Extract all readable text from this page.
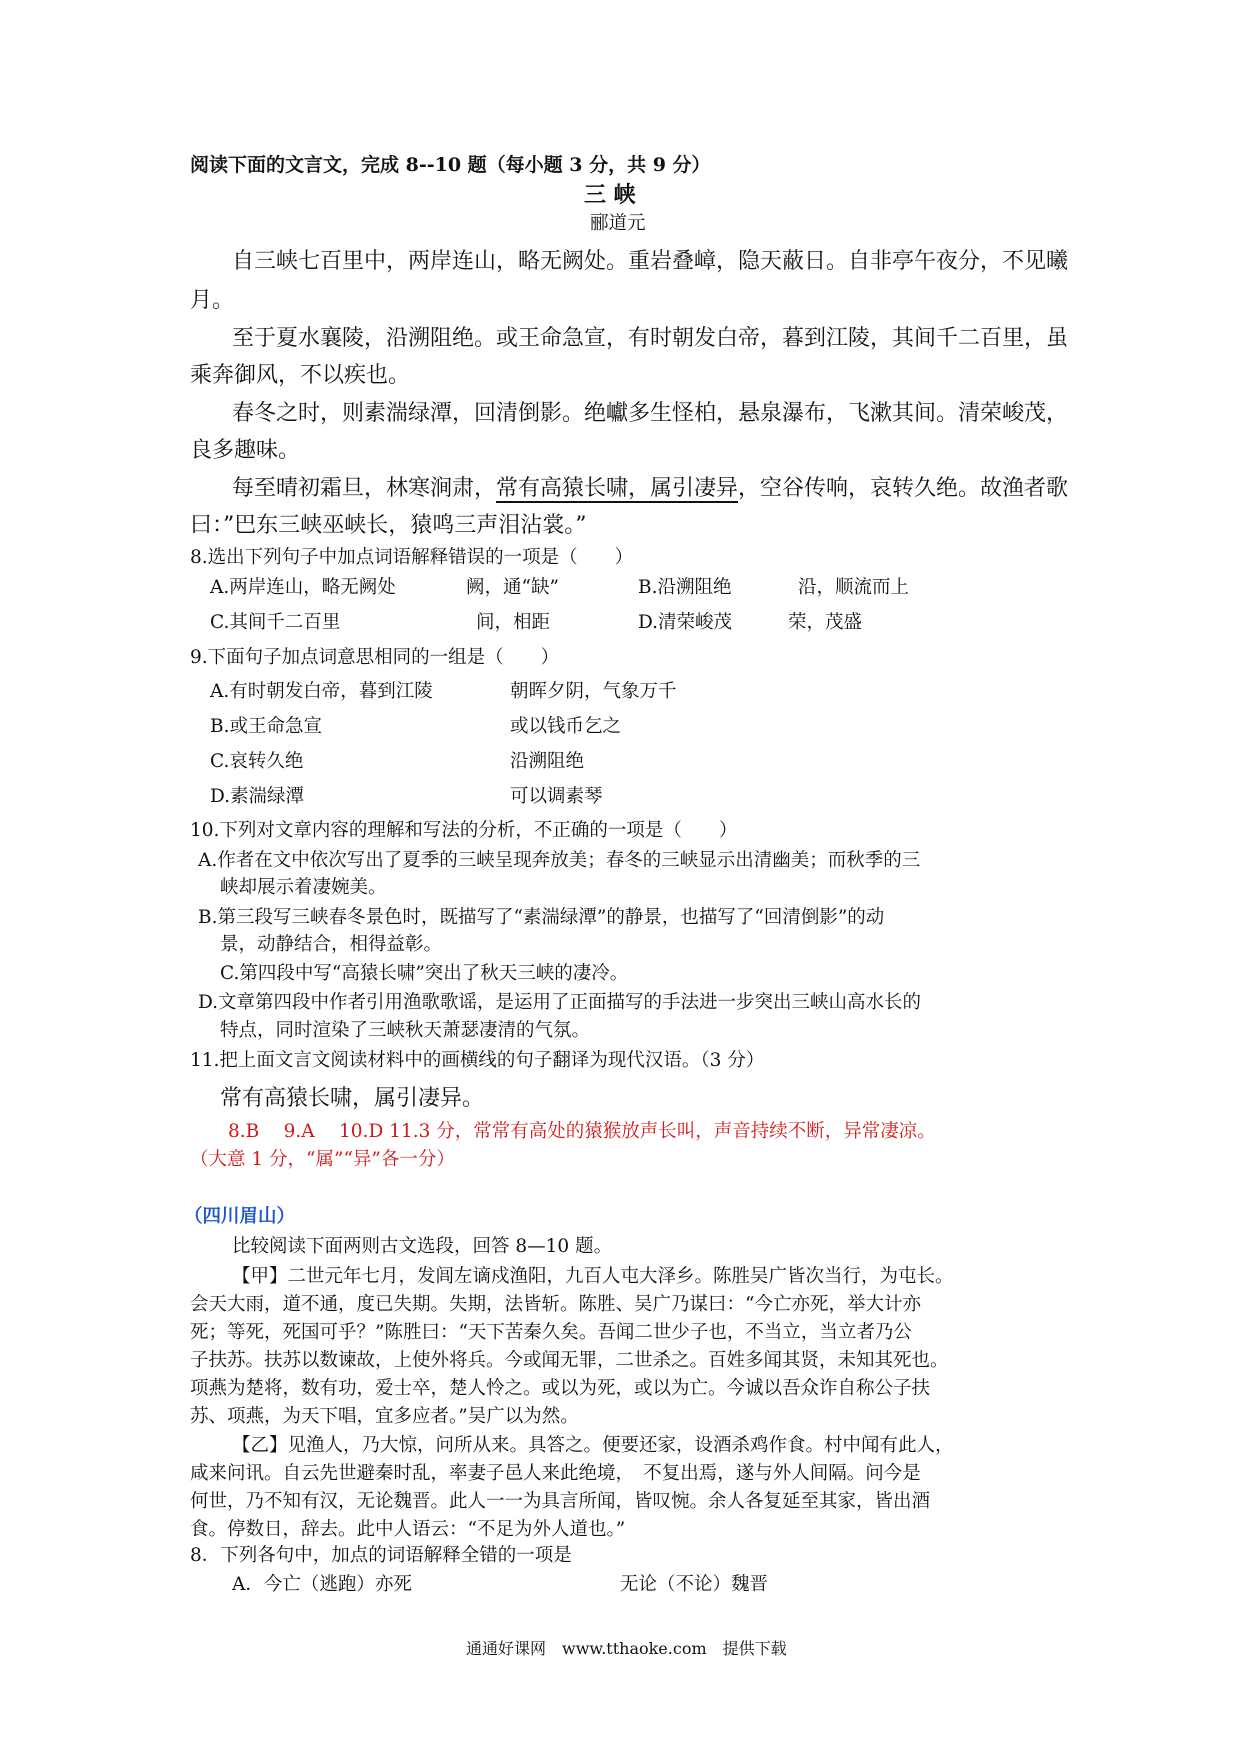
阅读下面的文言文，完成 8--10 题（每小题 3 分，共 9 分）
三 峡
郦道元
自三峡七百里中，两岸连山，略无阙处。重岩叠嶂，隐天蔽日。自非亭午夜分，不见曦
月。
至于夏水襄陵，沿溯阻绝。或王命急宣，有时朝发白帝，暮到江陵，其间千二百里，虽
乘奔御风，不以疾也。
春冬之时，则素湍绿潭，回清倒影。绝巘多生怪柏，悬泉瀑布，飞漱其间。清荣峻茂，
良多趣味。
每至晴初霜旦，林寒涧肃，常有高猿长啸，属引凄异，空谷传响，哀转久绝。故渔者歌
曰：”巴东三峡巫峡长，猿鸣三声泪沾裳。”
8.选出下列句子中加点词语解释错误的一项是（　　）
A.两岸连山，略无阙处	阙，通“缺”	B.沿溯阻绝	沿，顺流而上
C.其间千二百里	间，相距	D.清荣峻茂	荣，茂盛
9.下面句子加点词意思相同的一组是（　　）
A.有时朝发白帝，暮到江陵	朝晖夕阴，气象万千
B.或王命急宣	或以钱币乞之
C.哀转久绝	沿溯阻绝
D.素湍绿潭	可以调素琴
10.下列对文章内容的理解和写法的分析，不正确的一项是（　　）
A.作者在文中依次写出了夏季的三峡呈现奔放美；春冬的三峡显示出清幽美；而秋季的三
峡却展示着凄婉美。
B.第三段写三峡春冬景色时，既描写了“素湍绿潭”的静景，也描写了“回清倒影”的动
景，动静结合，相得益彰。
C.第四段中写“高猿长啸”突出了秋天三峡的凄冷。
D.文章第四段中作者引用渔歌歌谣，是运用了正面描写的手法进一步突出三峡山高水长的
特点，同时渲染了三峡秋天萧瑟凄清的气氛。
11.把上面文言文阅读材料中的画横线的句子翻译为现代汉语。（3 分）
常有高猿长啸，属引凄异。
8.B　 9.A　 10.D 11.3 分，常常有高处的猿猴放声长叫，声音持续不断，异常凄凉。
（大意 1 分，“属”“异”各一分）
（四川眉山）
比较阅读下面两则古文选段，回答 8—10 题。
【甲】二世元年七月，发闾左谪戍渔阳，九百人屯大泽乡。陈胜吴广皆次当行，为屯长。
会天大雨，道不通，度已失期。失期，法皆斩。陈胜、吴广乃谋曰：“今亡亦死，举大计亦
死；等死，死国可乎？”陈胜曰：“天下苦秦久矣。吾闻二世少子也，不当立，当立者乃公
子扶苏。扶苏以数谏故，上使外将兵。今或闻无罪，二世杀之。百姓多闻其贤，未知其死也。
项燕为楚将，数有功，爱士卒，楚人怜之。或以为死，或以为亡。今诚以吾众诈自称公子扶
苏、项燕，为天下唱，宜多应者。”吴广以为然。
【乙】见渔人，乃大惊，问所从来。具答之。便要还家，设酒杀鸡作食。村中闻有此人，
咸来问讯。自云先世避秦时乱，率妻子邑人来此绝境，　不复出焉，遂与外人间隔。问今是
何世，乃不知有汉，无论魏晋。此人一一为具言所闻，皆叹惋。余人各复延至其家，皆出酒
食。停数日，辞去。此中人语云：“不足为外人道也。”
8．下列各句中，加点的词语解释全错的一项是
A．今亡（逃跑）亦死	无论（不论）魏晋
通通好课网　www.tthaoke.com　提供下载
